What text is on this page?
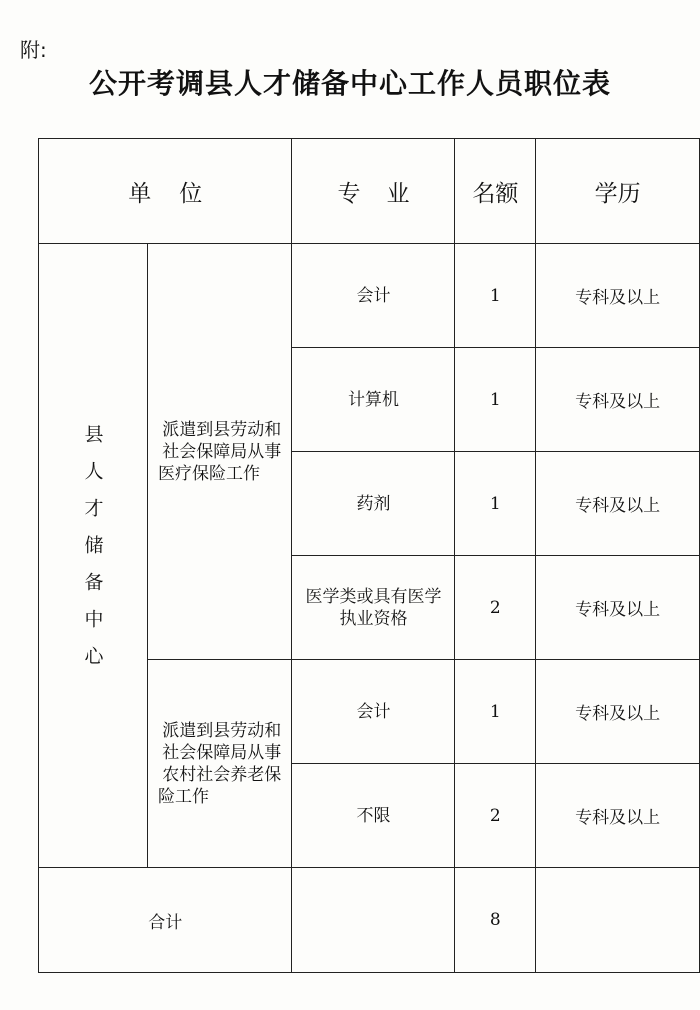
附:
公开考调县人才储备中心工作人员职位表
单位		专业	名额	学历
县人才储备中心	派遣到县劳动和社会保障局从事医疗保险工作	会计	1	专科及以上
		计算机	1	专科及以上
		药剂	1	专科及以上
		医学类或具有医学执业资格	2	专科及以上
	派遣到县劳动和社会保障局从事农村社会养老保险工作	会计	1	专科及以上
		不限	2	专科及以上
合计			8	
